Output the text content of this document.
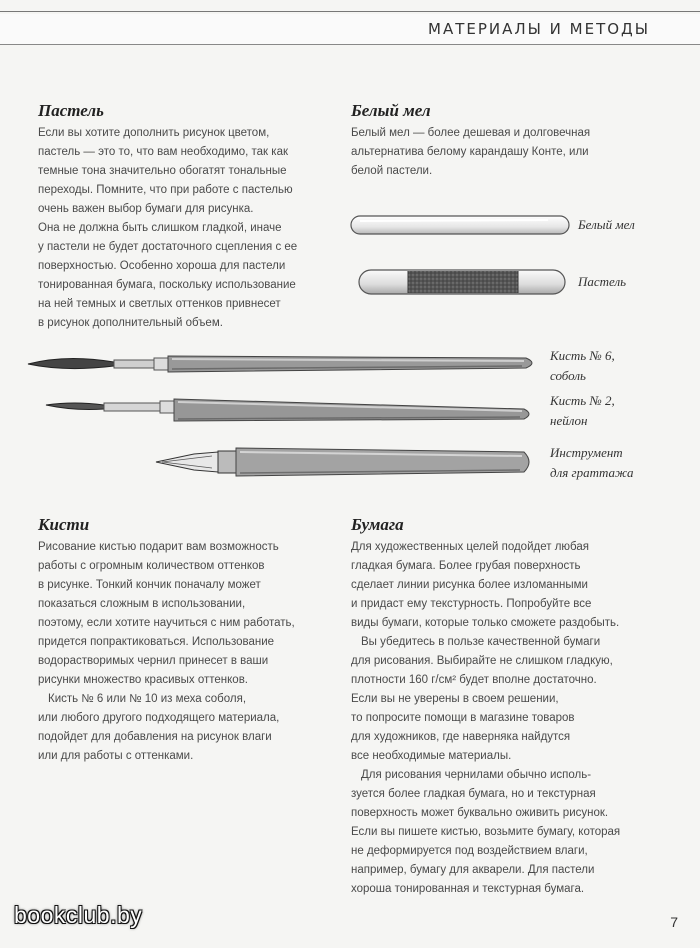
МАТЕРИАЛЫ И МЕТОДЫ
Пастель

Если вы хотите дополнить рисунок цветом,

пастель — это то, что вам необходимо, так как

темные тона значительно обогатят тональные

переходы. Помните, что при работе с пастелью

очень важен выбор бумаги для рисунка.

Она не должна быть слишком гладкой, иначе

у пастели не будет достаточного сцепления с ее

поверхностью. Особенно хороша для пастели

тонированная бумага, поскольку использование

на ней темных и светлых оттенков привнесет

в рисунок дополнительный объем.

Белый мел

Белый мел — более дешевая и долговечная

альтернатива белому карандашу Конте, или

белой пастели.

Белый мел
Пастель
Кисть № 6,
соболь
Кисть № 2,
нейлон
Инструмент
для граттажа
Кисти

Рисование кистью подарит вам возможность

работы с огромным количеством оттенков

в рисунке. Тонкий кончик поначалу может

показаться сложным в использовании,

поэтому, если хотите научиться с ним работать,

придется попрактиковаться. Использование

водорастворимых чернил принесет в ваши

рисунки множество красивых оттенков.

Кисть № 6 или № 10 из меха соболя,

или любого другого подходящего материала,

подойдет для добавления на рисунок влаги

или для работы с оттенками.

Бумага

Для художественных целей подойдет любая

гладкая бумага. Более грубая поверхность

сделает линии рисунка более изломанными

и придаст ему текстурность. Попробуйте все

виды бумаги, которые только сможете раздобыть.

Вы убедитесь в пользе качественной бумаги

для рисования. Выбирайте не слишком гладкую,

плотности 160 г/см² будет вполне достаточно.

Если вы не уверены в своем решении,

то попросите помощи в магазине товаров

для художников, где наверняка найдутся

все необходимые материалы.

Для рисования чернилами обычно исполь-

зуется более гладкая бумага, но и текстурная

поверхность может буквально оживить рисунок.

Если вы пишете кистью, возьмите бумагу, которая

не деформируется под воздействием влаги,

например, бумагу для акварели. Для пастели

хороша тонированная и текстурная бумага.

bookclub.by	7
